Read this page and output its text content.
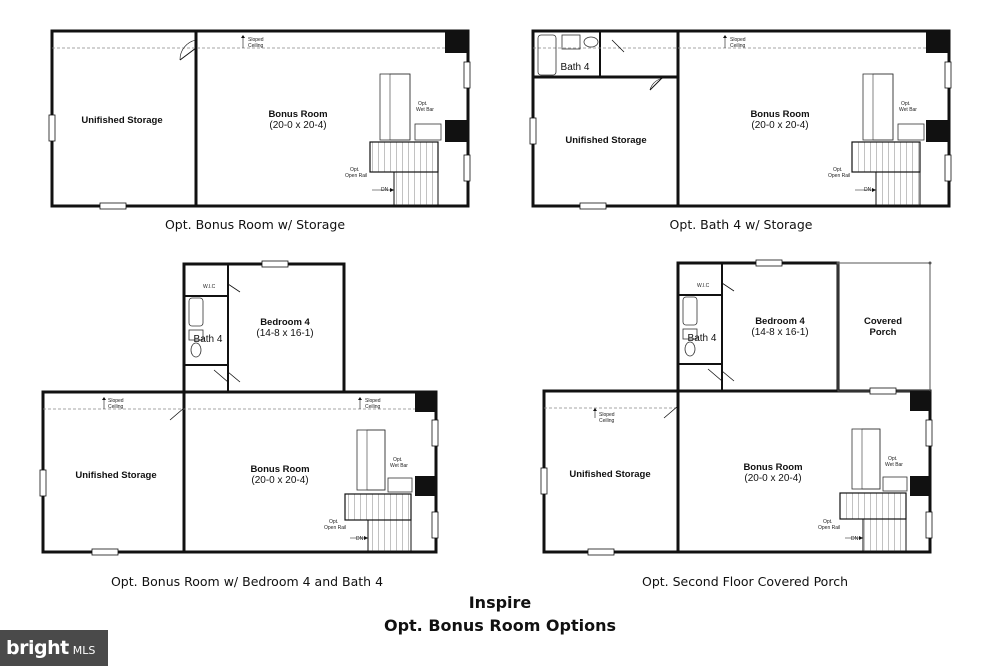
Unifished Storage
Bonus Room
(20-0 x 20-4)
Sloped
Ceiling
Opt.
Wet Bar
Opt.
Open Rail
DN
Bath 4
Unifished Storage
Bonus Room
(20-0 x 20-4)
Sloped
Ceiling
Opt.
Wet Bar
Opt.
Open Rail
DN
W.I.C
Bath 4
Bedroom 4
(14-8 x 16-1)
Unifished Storage
Bonus Room
(20-0 x 20-4)
Sloped
Ceiling
Sloped
Ceiling
Opt.
Wet Bar
Opt.
Open Rail
DN
W.I.C
Bath 4
Bedroom 4
(14-8 x 16-1)
Covered
Porch
Unifished Storage
Bonus Room
(20-0 x 20-4)
Sloped
Ceiling
Opt.
Wet Bar
Opt.
Open Rail
DN
Opt. Bonus Room w/ Storage	Opt. Bath 4 w/ Storage
Opt. Bonus Room w/ Bedroom 4 and Bath 4	Opt. Second Floor Covered Porch
Inspire
Opt. Bonus Room Options
bright MLS
